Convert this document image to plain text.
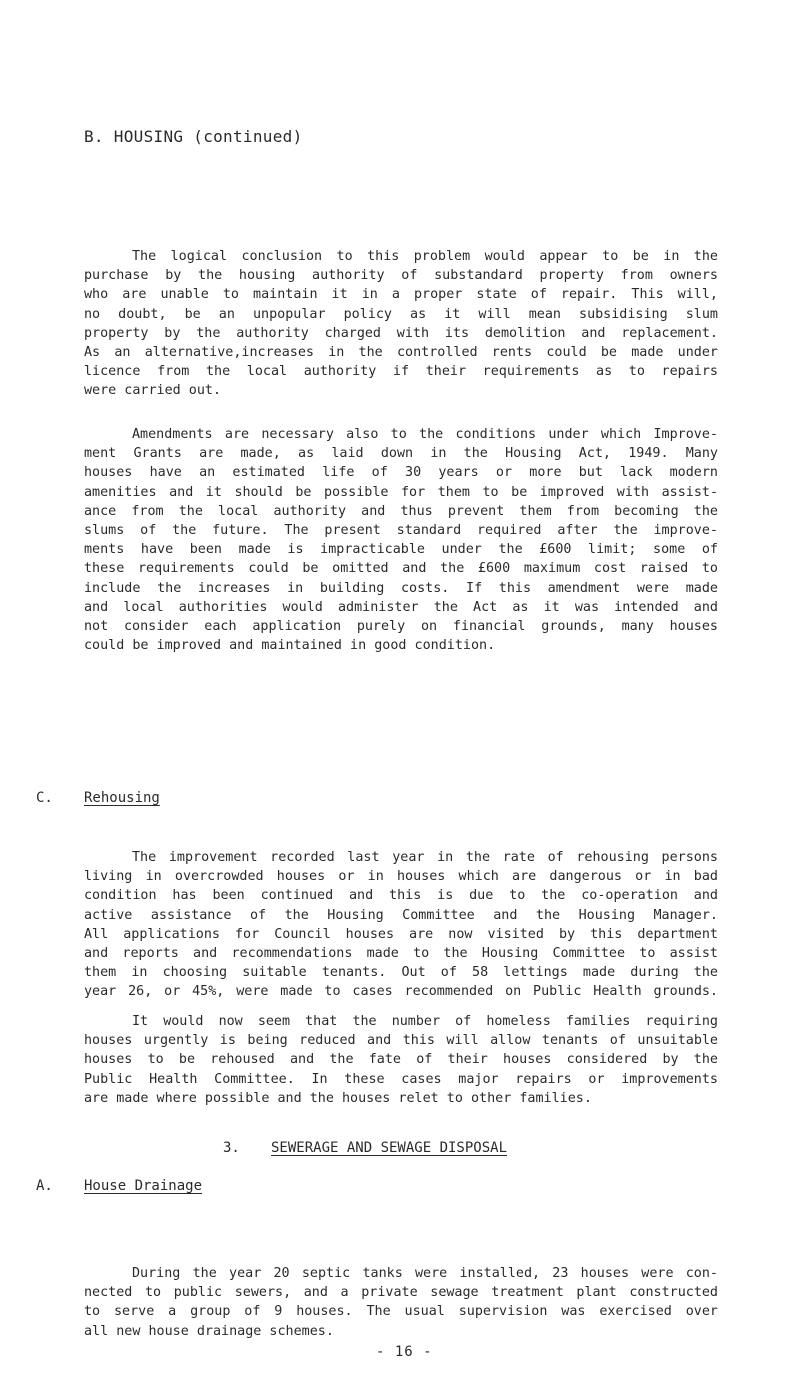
B. HOUSING (continued)
The logical conclusion to this problem would appear to be in the
purchase by the housing authority of substandard property from owners
who are unable to maintain it in a proper state of repair. This will,
no doubt, be an unpopular policy as it will mean subsidising slum
property by the authority charged with its demolition and replacement.
As an alternative,increases in the controlled rents could be made under
licence from the local authority if their requirements as to repairs
were carried out.
Amendments are necessary also to the conditions under which Improve-
ment Grants are made, as laid down in the Housing Act, 1949. Many
houses have an estimated life of 30 years or more but lack modern
amenities and it should be possible for them to be improved with assist-
ance from the local authority and thus prevent them from becoming the
slums of the future. The present standard required after the improve-
ments have been made is impracticable under the £600 limit; some of
these requirements could be omitted and the £600 maximum cost raised to
include the increases in building costs. If this amendment were made
and local authorities would administer the Act as it was intended and
not consider each application purely on financial grounds, many houses
could be improved and maintained in good condition.
C. Rehousing
The improvement recorded last year in the rate of rehousing persons
living in overcrowded houses or in houses which are dangerous or in bad
condition has been continued and this is due to the co-operation and
active assistance of the Housing Committee and the Housing Manager.
All applications for Council houses are now visited by this department
and reports and recommendations made to the Housing Committee to assist
them in choosing suitable tenants. Out of 58 lettings made during the
year 26, or 45%, were made to cases recommended on Public Health grounds.
It would now seem that the number of homeless families requiring
houses urgently is being reduced and this will allow tenants of unsuitable
houses to be rehoused and the fate of their houses considered by the
Public Health Committee. In these cases major repairs or improvements
are made where possible and the houses relet to other families.
3. SEWERAGE AND SEWAGE DISPOSAL
A. House Drainage
During the year 20 septic tanks were installed, 23 houses were con-
nected to public sewers, and a private sewage treatment plant constructed
to serve a group of 9 houses. The usual supervision was exercised over
all new house drainage schemes.
- 16 -
